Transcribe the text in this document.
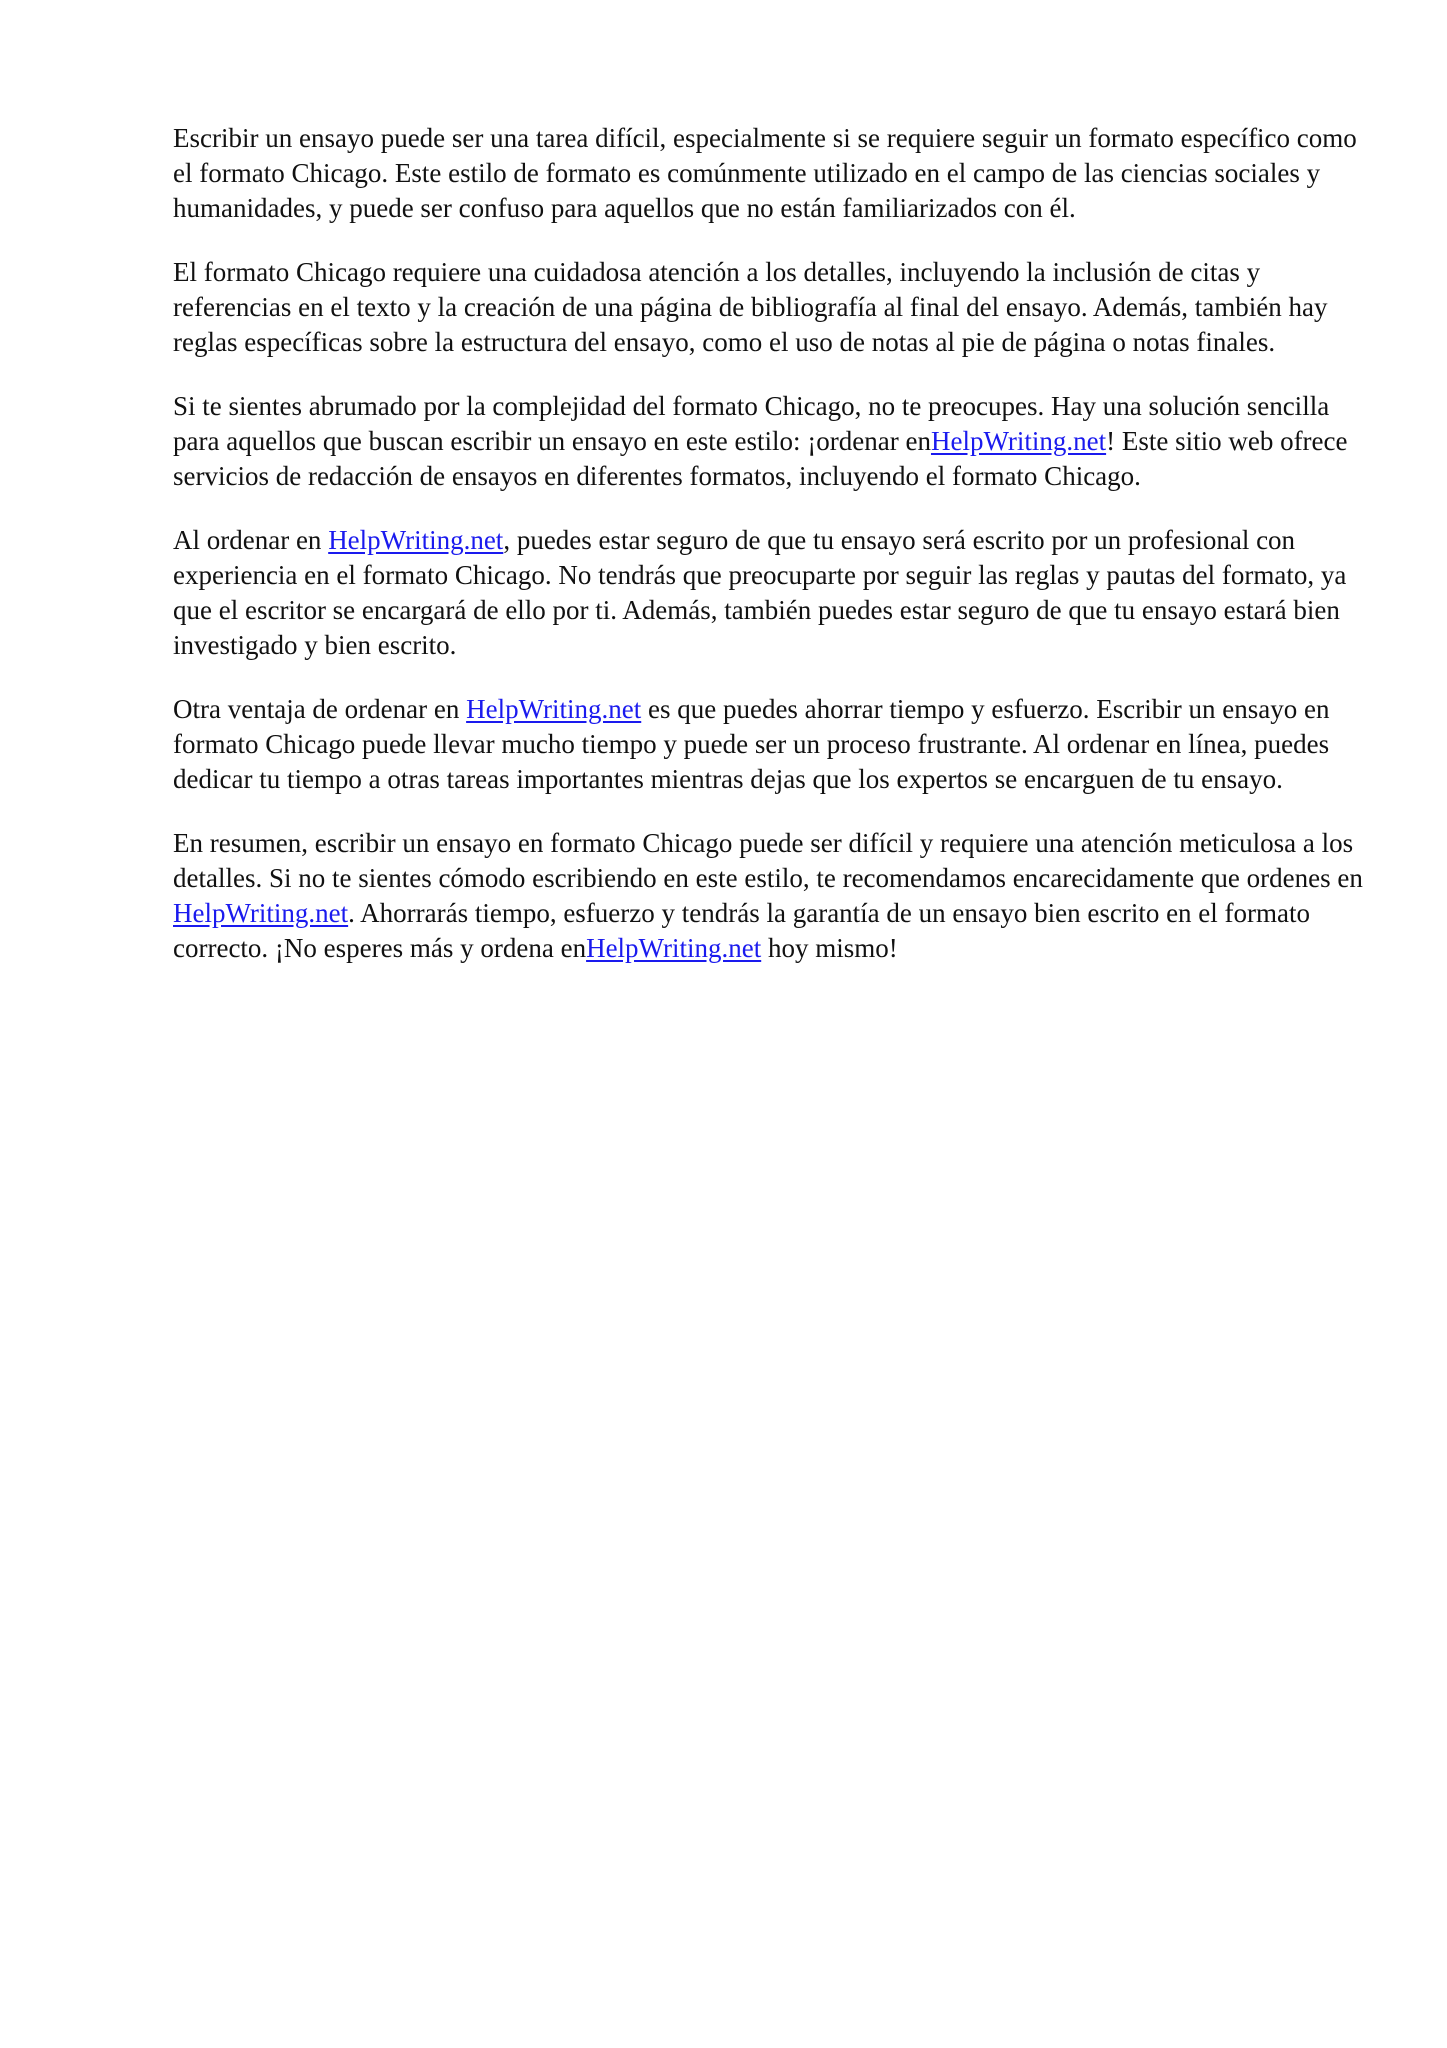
Escribir un ensayo puede ser una tarea difícil, especialmente si se requiere seguir un formato específico como el formato Chicago. Este estilo de formato es comúnmente utilizado en el campo de las ciencias sociales y humanidades, y puede ser confuso para aquellos que no están familiarizados con él.

El formato Chicago requiere una cuidadosa atención a los detalles, incluyendo la inclusión de citas y referencias en el texto y la creación de una página de bibliografía al final del ensayo. Además, también hay reglas específicas sobre la estructura del ensayo, como el uso de notas al pie de página o notas finales.

Si te sientes abrumado por la complejidad del formato Chicago, no te preocupes. Hay una solución sencilla para aquellos que buscan escribir un ensayo en este estilo: ¡ordenar enHelpWriting.net! Este sitio web ofrece servicios de redacción de ensayos en diferentes formatos, incluyendo el formato Chicago.

Al ordenar en HelpWriting.net, puedes estar seguro de que tu ensayo será escrito por un profesional con experiencia en el formato Chicago. No tendrás que preocuparte por seguir las reglas y pautas del formato, ya que el escritor se encargará de ello por ti. Además, también puedes estar seguro de que tu ensayo estará bien investigado y bien escrito.

Otra ventaja de ordenar en HelpWriting.net es que puedes ahorrar tiempo y esfuerzo. Escribir un ensayo en formato Chicago puede llevar mucho tiempo y puede ser un proceso frustrante. Al ordenar en línea, puedes dedicar tu tiempo a otras tareas importantes mientras dejas que los expertos se encarguen de tu ensayo.

En resumen, escribir un ensayo en formato Chicago puede ser difícil y requiere una atención meticulosa a los detalles. Si no te sientes cómodo escribiendo en este estilo, te recomendamos encarecidamente que ordenes en HelpWriting.net. Ahorrarás tiempo, esfuerzo y tendrás la garantía de un ensayo bien escrito en el formato correcto. ¡No esperes más y ordena enHelpWriting.net hoy mismo!
